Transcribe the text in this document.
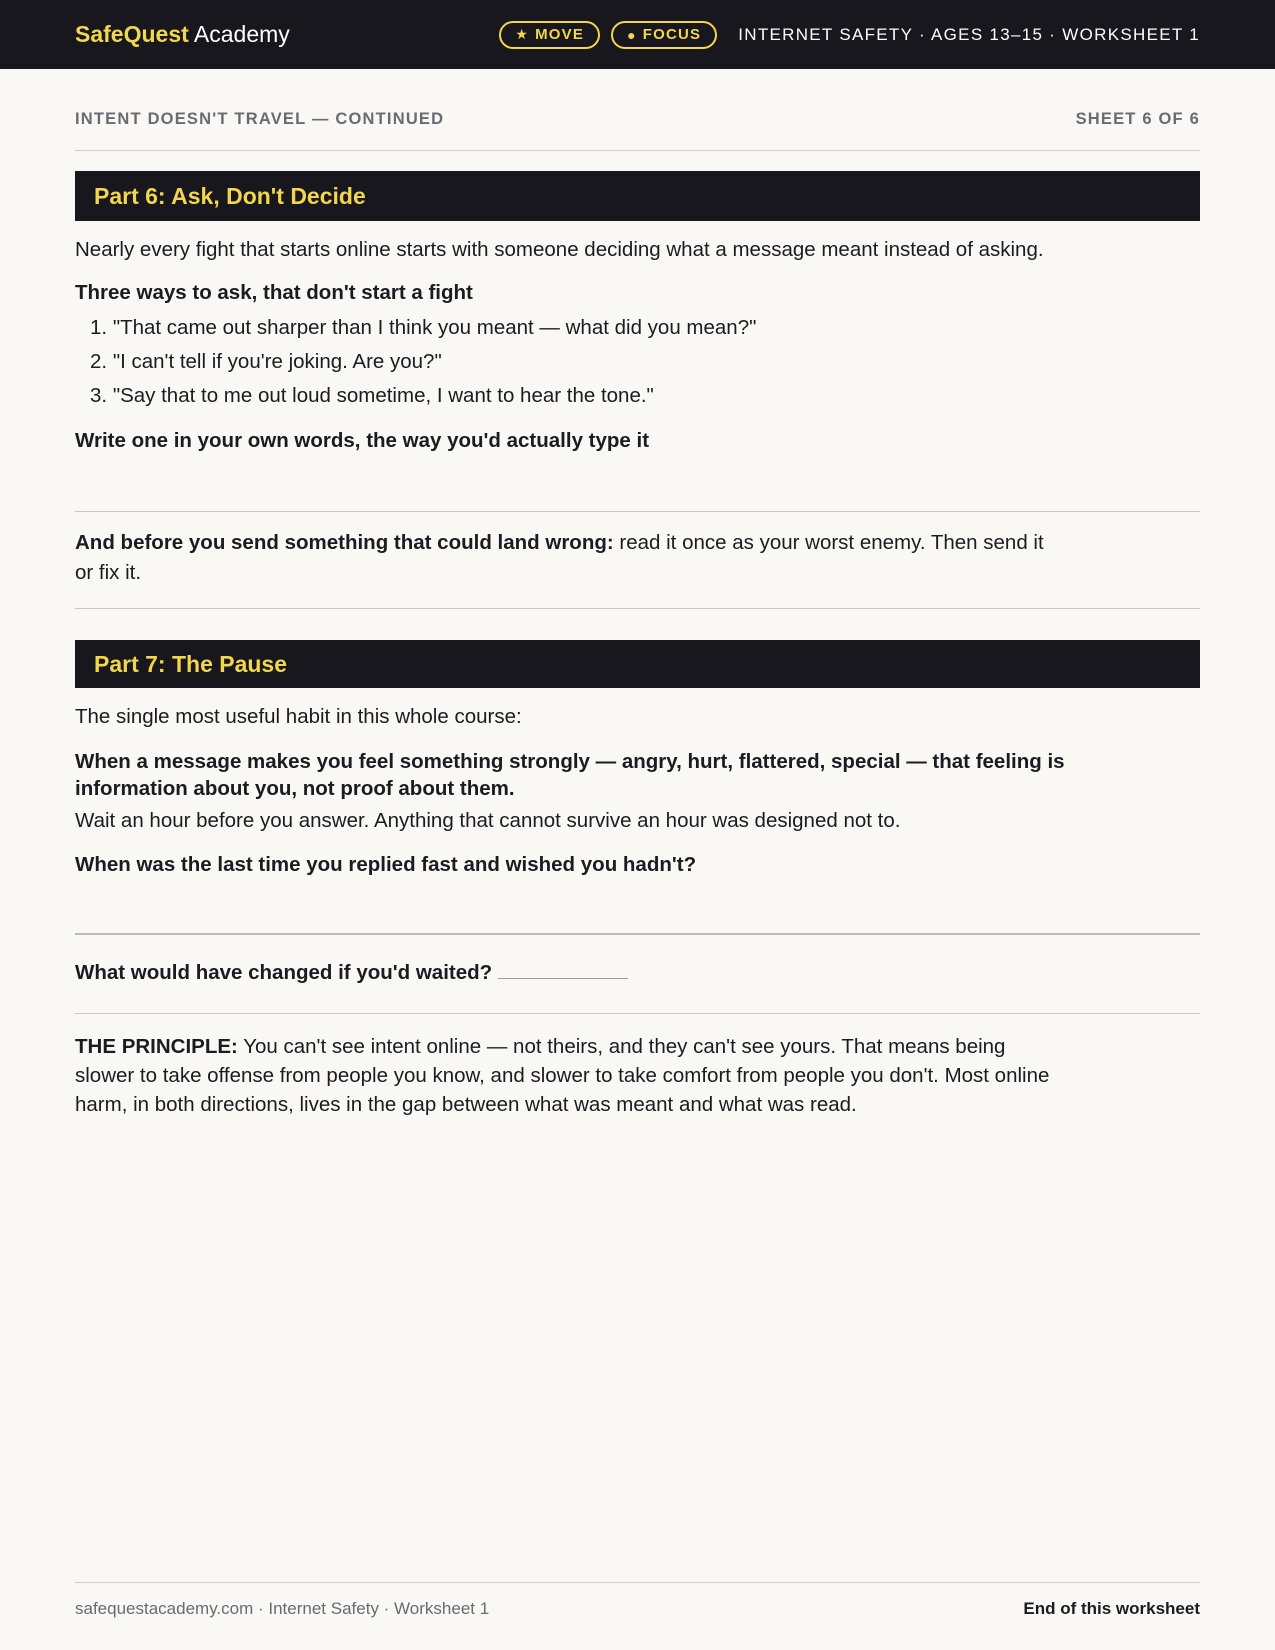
SafeQuest Academy	★ MOVE	● FOCUS INTERNET SAFETY · AGES 13–15 · WORKSHEET 1
INTENT DOESN'T TRAVEL — CONTINUED	SHEET 6 OF 6
Part 6: Ask, Don't Decide

Nearly every fight that starts online starts with someone deciding what a message meant instead of asking.

Three ways to ask, that don't start a fight

1. "That came out sharper than I think you meant — what did you mean?"
2. "I can't tell if you're joking. Are you?"
3. "Say that to me out loud sometime, I want to hear the tone."

Write one in your own words, the way you'd actually type it

And before you send something that could land wrong: read it once as your worst enemy. Then send it or fix it.

Part 7: The Pause

The single most useful habit in this whole course:

When a message makes you feel something strongly — angry, hurt, flattered, special — that feeling is information about you, not proof about them.

Wait an hour before you answer. Anything that cannot survive an hour was designed not to.

When was the last time you replied fast and wished you hadn't?

What would have changed if you'd waited?

THE PRINCIPLE: You can't see intent online — not theirs, and they can't see yours. That means being slower to take offense from people you know, and slower to take comfort from people you don't. Most online harm, in both directions, lives in the gap between what was meant and what was read.

safequestacademy.com · Internet Safety · Worksheet 1	End of this worksheet
